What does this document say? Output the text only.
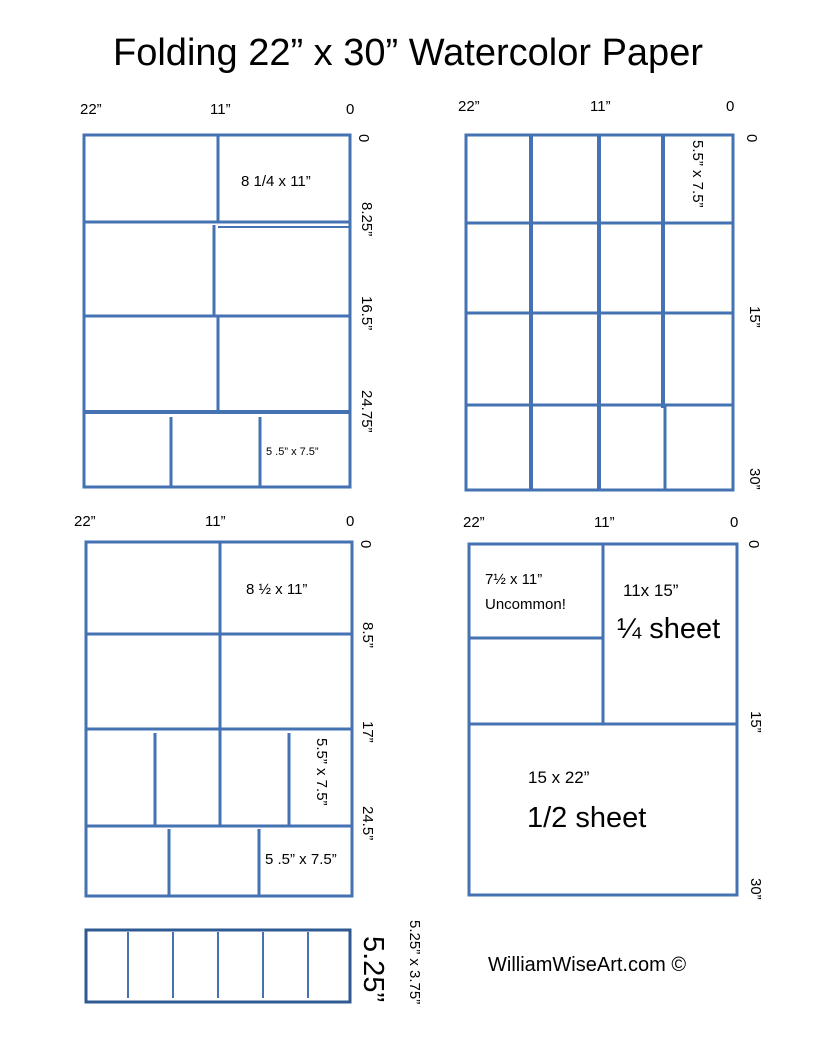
Folding 22” x 30” Watercolor Paper
22”	11”	0
0
8.25”
16.5”
24.75”
8 1/4 x 11”
5 .5” x 7.5”
22”	11”	0
0
15”
30”
5.5” x 7.5”
22”	11”	0
0
8.5”
17”
24.5”
8 ½ x 11”
5.5” x 7.5”
5 .5” x 7.5”
22”	11”	0
0
15”
30”
7½ x 11”
Uncommon!
11x 15”
¼ sheet
15 x 22”
1/2 sheet
5.25” 5.25” x 3.75”	WilliamWiseArt.com ©
